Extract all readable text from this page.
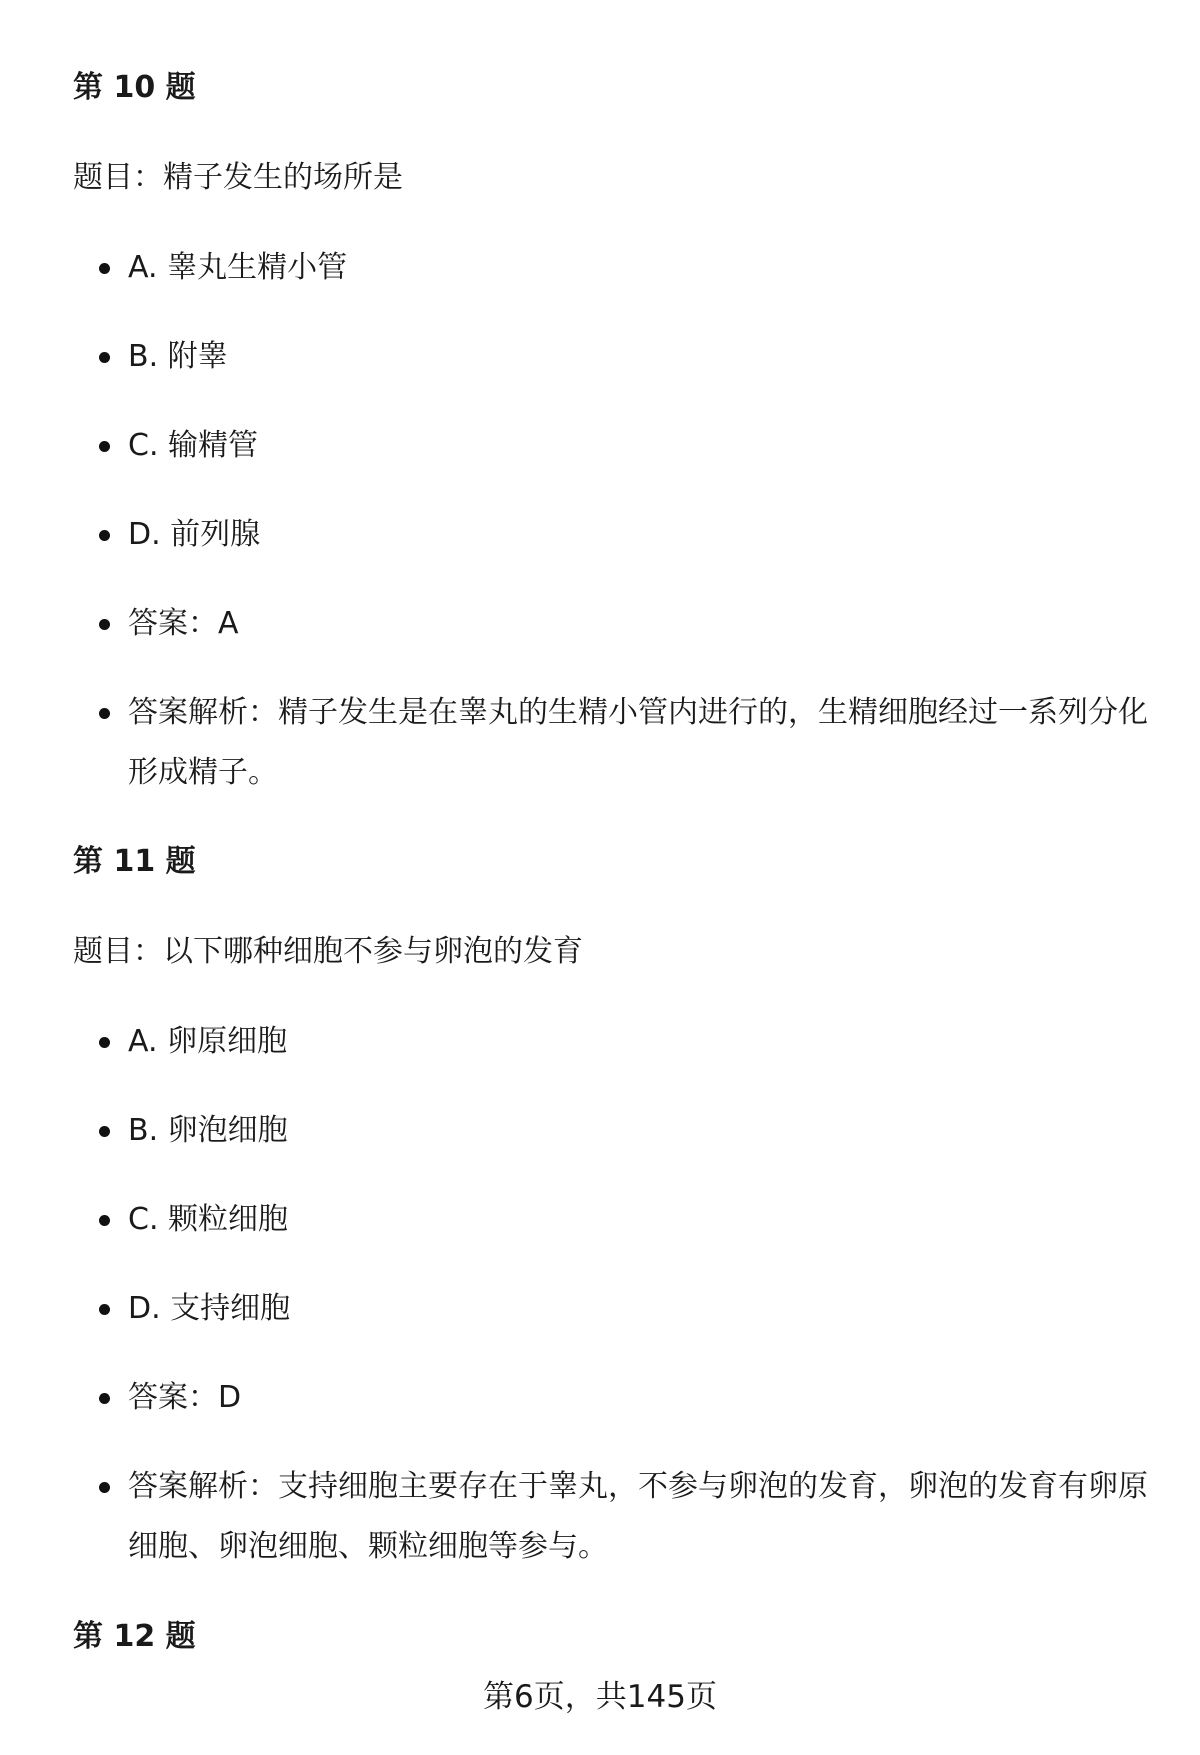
第 10 题

题目：精子发生的场所是

A. 睾丸生精小管

B. 附睾

C. 输精管

D. 前列腺

答案：A

答案解析：精子发生是在睾丸的生精小管内进行的，生精细胞经过一系列分化形成精子。

第 11 题

题目：以下哪种细胞不参与卵泡的发育

A. 卵原细胞

B. 卵泡细胞

C. 颗粒细胞

D. 支持细胞

答案：D

答案解析：支持细胞主要存在于睾丸，不参与卵泡的发育，卵泡的发育有卵原细胞、卵泡细胞、颗粒细胞等参与。

第 12 题

第6页，共145页
